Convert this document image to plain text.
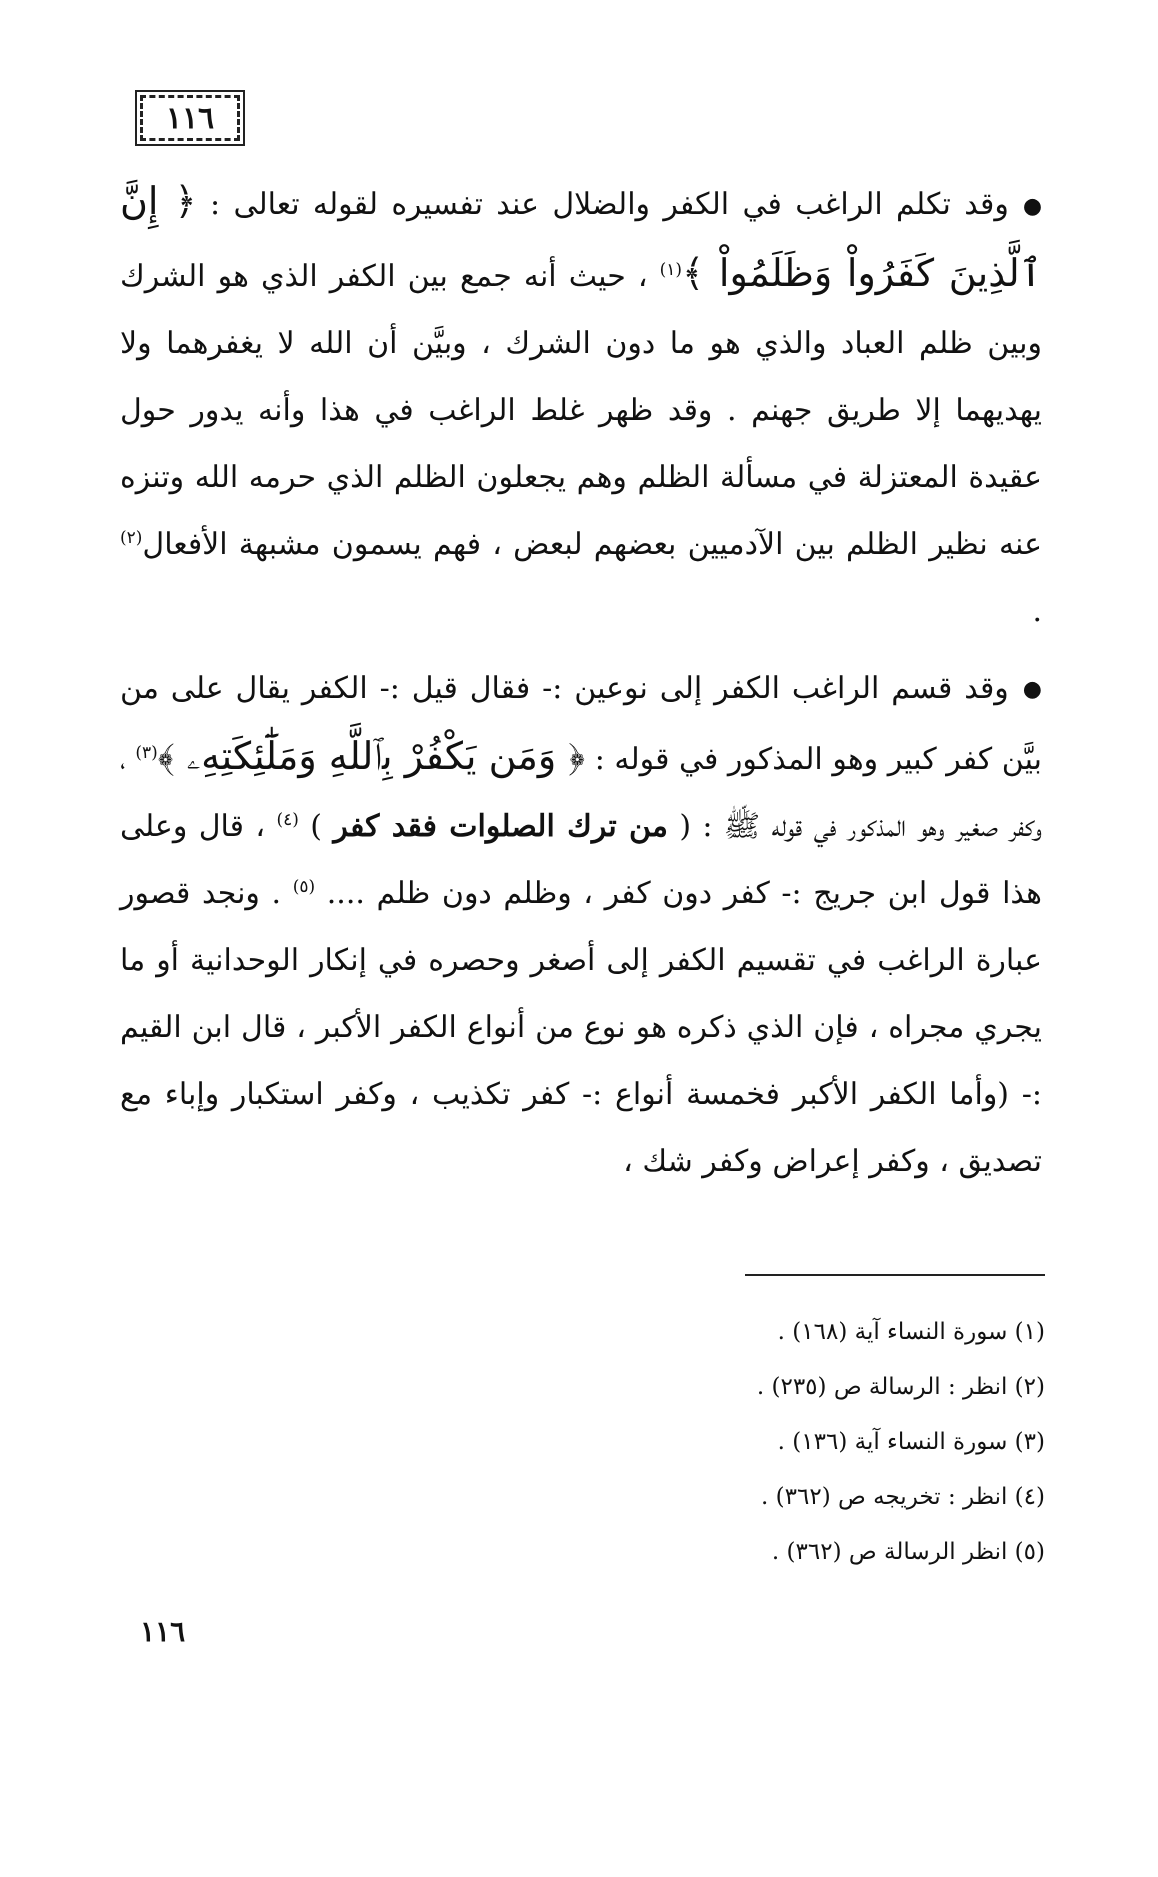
١١٦

●وقد تكلم الراغب في الكفر والضلال عند تفسيره لقوله تعالى : ﴿ إِنَّ ٱلَّذِينَ كَفَرُواْ وَظَلَمُواْ ﴾$^{(١)}$ ، حيث أنه جمع بين الكفر الذي هو الشرك وبين ظلم العباد والذي هو ما دون الشرك ، وبيَّن أن الله لا يغفرهما ولا يهديهما إلا طريق جهنم . وقد ظهر غلط الراغب في هذا وأنه يدور حول عقيدة المعتزلة في مسألة الظلم وهم يجعلون الظلم الذي حرمه الله وتنزه عنه نظير الظلم بين الآدميين بعضهم لبعض ، فهم يسمون مشبهة الأفعال$^{(٢)}$ .

●وقد قسم الراغب الكفر إلى نوعين :- فقال قيل :- الكفر يقال على من بيَّن كفر كبير وهو المذكور في قوله : ﴿ وَمَن يَكْفُرْ بِٱللَّهِ وَمَلَٰٓئِكَتِهِۦ ﴾$^{(٣)}$ ، وكفر صغير وهو المذكور في قوله ﷺ : ( من ترك الصلوات فقد كفر ) $^{(٤)}$ ، قال وعلى هذا قول ابن جريج :- كفر دون كفر ، وظلم دون ظلم .... $^{(٥)}$ . ونجد قصور عبارة الراغب في تقسيم الكفر إلى أصغر وحصره في إنكار الوحدانية أو ما يجري مجراه ، فإن الذي ذكره هو نوع من أنواع الكفر الأكبر ، قال ابن القيم :- (وأما الكفر الأكبر فخمسة أنواع :- كفر تكذيب ، وكفر استكبار وإباء مع تصديق ، وكفر إعراض وكفر شك ،

(١) سورة النساء آية (١٦٨) .
(٢) انظر : الرسالة ص (٢٣٥) .
(٣) سورة النساء آية (١٣٦) .
(٤) انظر : تخريجه ص (٣٦٢) .
(٥) انظر الرسالة ص (٣٦٢) .
١١٦
